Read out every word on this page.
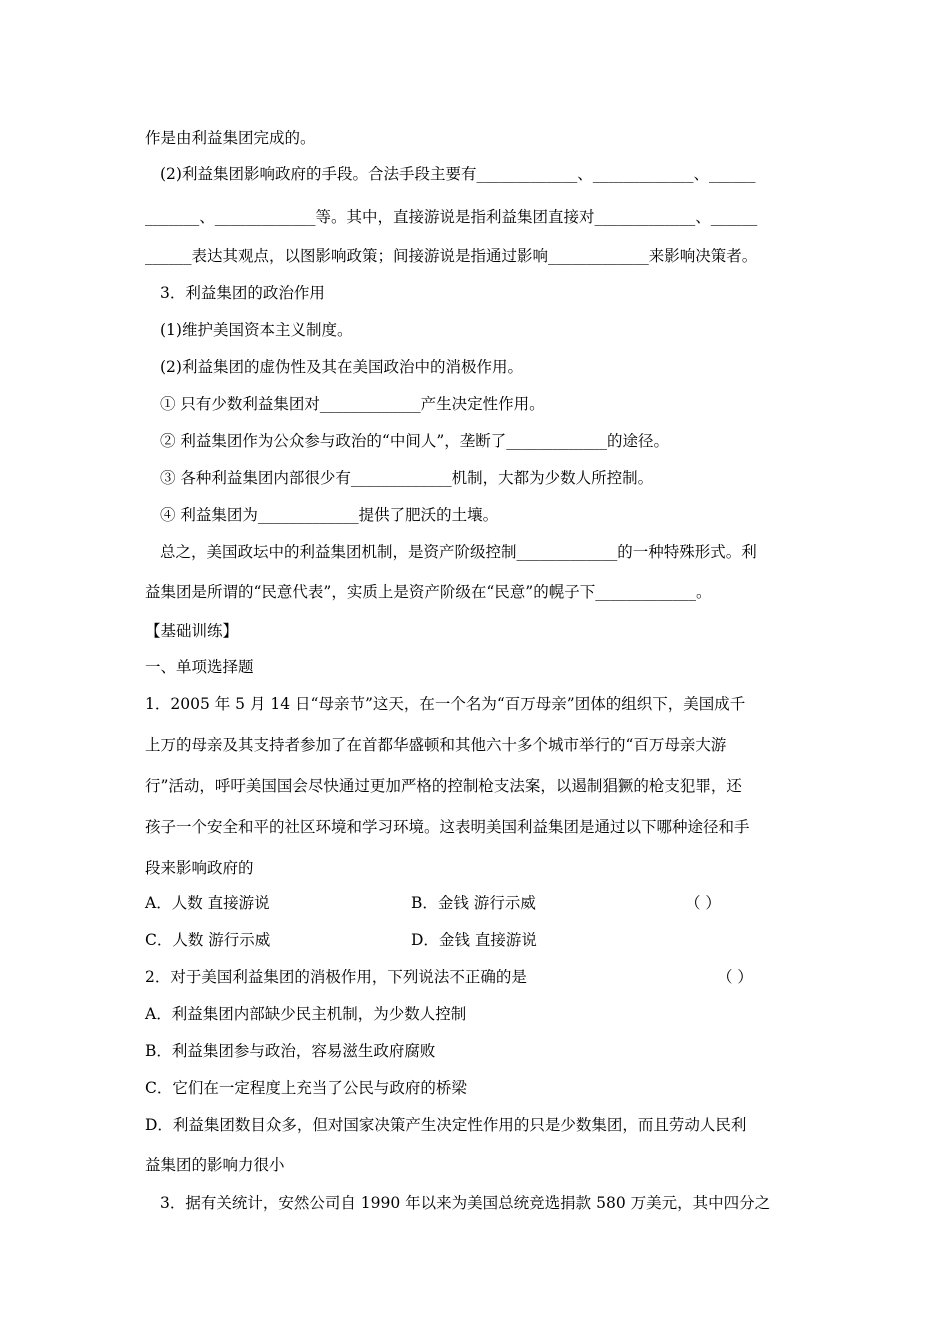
作是由利益集团完成的。
(2)利益集团影响政府的手段。合法手段主要有_____________、_____________、______
_______、_____________等。其中，直接游说是指利益集团直接对_____________、______
______表达其观点，以图影响政策；间接游说是指通过影响_____________来影响决策者。
3．利益集团的政治作用
(1)维护美国资本主义制度。
(2)利益集团的虚伪性及其在美国政治中的消极作用。
① 只有少数利益集团对_____________产生决定性作用。
② 利益集团作为公众参与政治的“中间人”，垄断了_____________的途径。
③ 各种利益集团内部很少有_____________机制，大都为少数人所控制。
④ 利益集团为_____________提供了肥沃的土壤。
总之，美国政坛中的利益集团机制，是资产阶级控制_____________的一种特殊形式。利
益集团是所谓的“民意代表”，实质上是资产阶级在“民意”的幌子下_____________。
【基础训练】
一、单项选择题
1．2005 年 5 月 14 日“母亲节”这天，在一个名为“百万母亲”团体的组织下，美国成千
上万的母亲及其支持者参加了在首都华盛顿和其他六十多个城市举行的“百万母亲大游
行”活动，呼吁美国国会尽快通过更加严格的控制枪支法案，以遏制猖獗的枪支犯罪，还
孩子一个安全和平的社区环境和学习环境。这表明美国利益集团是通过以下哪种途径和手
段来影响政府的
A．人数 直接游说	B．金钱 游行示威	（ ）
C．人数 游行示威	D．金钱 直接游说
2．对于美国利益集团的消极作用，下列说法不正确的是	（ ）
A．利益集团内部缺少民主机制，为少数人控制
B．利益集团参与政治，容易滋生政府腐败
C．它们在一定程度上充当了公民与政府的桥梁
D．利益集团数目众多，但对国家决策产生决定性作用的只是少数集团，而且劳动人民利
益集团的影响力很小
3．据有关统计，安然公司自 1990 年以来为美国总统竞选捐款 580 万美元，其中四分之
